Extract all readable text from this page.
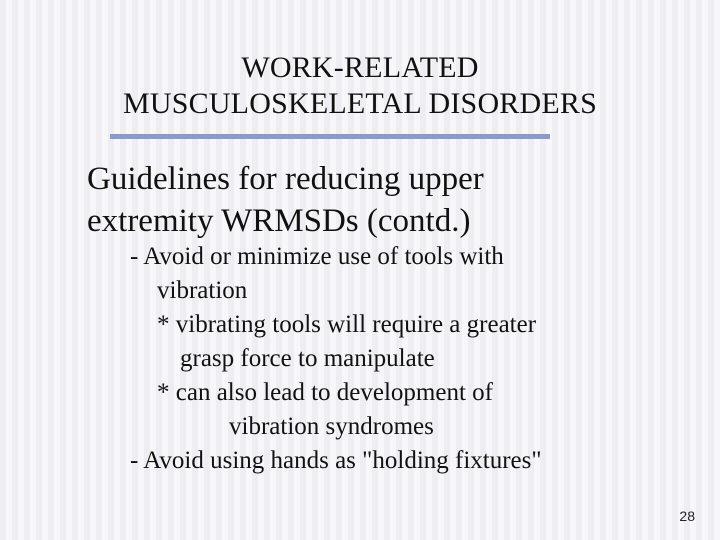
WORK-RELATED
MUSCULOSKELETAL DISORDERS
Guidelines for reducing upper
extremity WRMSDs (contd.)
- Avoid or minimize use of tools with
vibration
* vibrating tools will require a greater
grasp force to manipulate
* can also lead to development of
vibration syndromes
- Avoid using hands as "holding fixtures"
28
